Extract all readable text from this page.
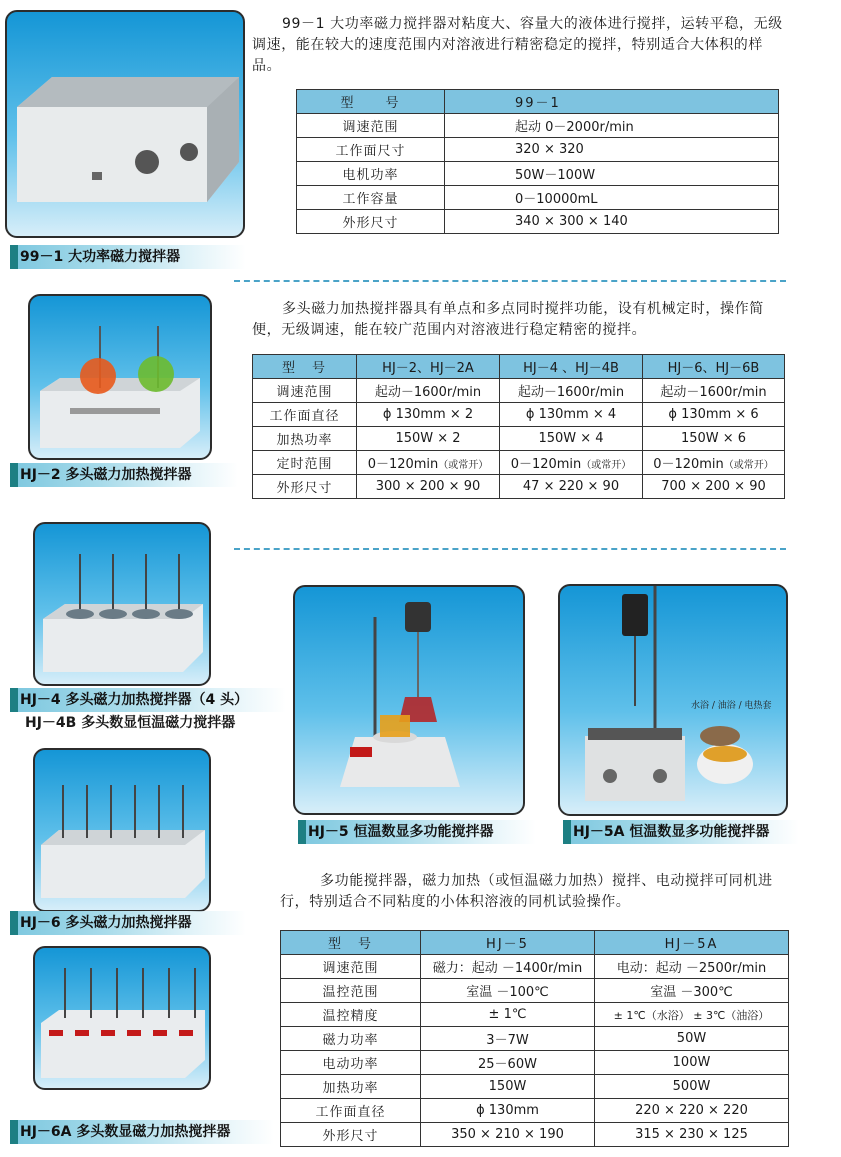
99－1 大功率磁力搅拌器
99－1 大功率磁力搅拌器对粘度大、容量大的液体进行搅拌，运转平稳，无级调速，能在较大的速度范围内对溶液进行精密稳定的搅拌，特别适合大体积的样品。
型　　号	99－1
调速范围	起动 0－2000r/min
工作面尺寸	320 × 320
电机功率	50W－100W
工作容量	0－10000mL
外形尺寸	340 × 300 × 140
HJ－2 多头磁力加热搅拌器
多头磁力加热搅拌器具有单点和多点同时搅拌功能，设有机械定时，操作简便，无级调速，能在较广范围内对溶液进行稳定精密的搅拌。
型　号	HJ－2、HJ－2A	HJ－4 、HJ－4B	HJ－6、HJ－6B
调速范围	起动－1600r/min	起动－1600r/min	起动－1600r/min
工作面直径	ϕ 130mm × 2	ϕ 130mm × 4	ϕ 130mm × 6
加热功率	150W × 2	150W × 4	150W × 6
定时范围	0－120min（或常开）	0－120min（或常开）	0－120min（或常开）
外形尺寸	300 × 200 × 90	47 × 220 × 90	700 × 200 × 90
HJ－4 多头磁力加热搅拌器（4 头）
HJ－4B 多头数显恒温磁力搅拌器
HJ－5 恒温数显多功能搅拌器
水浴 / 油浴 / 电热套
HJ－5A 恒温数显多功能搅拌器
HJ－6 多头磁力加热搅拌器
HJ－6A 多头数显磁力加热搅拌器
多功能搅拌器，磁力加热（或恒温磁力加热）搅拌、电动搅拌可同机进行，特别适合不同粘度的小体积溶液的同机试验操作。
型　号	HJ－5	HJ－5A
调速范围	磁力：起动 －1400r/min	电动：起动 －2500r/min
温控范围	室温 －100℃	室温 －300℃
温控精度	± 1℃	± 1℃（水浴） ± 3℃（油浴）
磁力功率	3－7W	50W
电动功率	25－60W	100W
加热功率	150W	500W
工作面直径	ϕ 130mm	220 × 220 × 220
外形尺寸	350 × 210 × 190	315 × 230 × 125
